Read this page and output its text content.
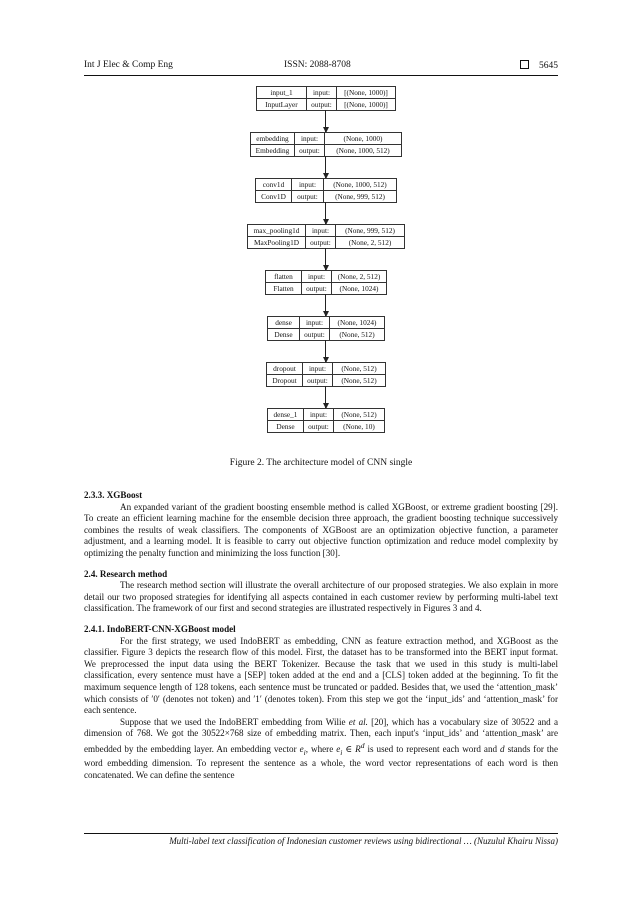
Int J Elec & Comp Eng	ISSN: 2088-8708	5645
input_1	input:	[(None, 1000)]
InputLayer	output:	[(None, 1000)]
embedding	input:	(None, 1000)
Embedding	output:	(None, 1000, 512)
conv1d	input:	(None, 1000, 512)
Conv1D	output:	(None, 999, 512)
max_pooling1d	input:	(None, 999, 512)
MaxPooling1D	output:	(None, 2, 512)
flatten	input:	(None, 2, 512)
Flatten	output:	(None, 1024)
dense	input:	(None, 1024)
Dense	output:	(None, 512)
dropout	input:	(None, 512)
Dropout	output:	(None, 512)
dense_1	input:	(None, 512)
Dense	output:	(None, 10)
Figure 2. The architecture model of CNN single
2.3.3. XGBoost

An expanded variant of the gradient boosting ensemble method is called XGBoost, or extreme gradient boosting [29]. To create an efficient learning machine for the ensemble decision three approach, the gradient boosting technique successively combines the results of weak classifiers. The components of XGBoost are an optimization objective function, a parameter adjustment, and a learning model. It is feasible to carry out objective function optimization and reduce model complexity by optimizing the penalty function and minimizing the loss function [30].

2.4. Research method

The research method section will illustrate the overall architecture of our proposed strategies. We also explain in more detail our two proposed strategies for identifying all aspects contained in each customer review by performing multi-label text classification. The framework of our first and second strategies are illustrated respectively in Figures 3 and 4.

2.4.1. IndoBERT-CNN-XGBoost model

For the first strategy, we used IndoBERT as embedding, CNN as feature extraction method, and XGBoost as the classifier. Figure 3 depicts the research flow of this model. First, the dataset has to be transformed into the BERT input format. We preprocessed the input data using the BERT Tokenizer. Because the task that we used in this study is multi-label classification, every sentence must have a [SEP] token added at the end and a [CLS] token added at the beginning. To fit the maximum sequence length of 128 tokens, each sentence must be truncated or padded. Besides that, we used the ‘attention_mask’ which consists of ′0′ (denotes not token) and ′1′ (denotes token). From this step we got the ‘input_ids’ and ‘attention_mask’ for each sentence.

Suppose that we used the IndoBERT embedding from Wilie et al. [20], which has a vocabulary size of 30522 and a dimension of 768. We got the 30522×768 size of embedding matrix. Then, each input's ‘input_ids’ and ‘attention_mask’ are embedded by the embedding layer. An embedding vector $e_i$, where $e_i$ ∈ $R^d$ is used to represent each word and d stands for the word embedding dimension. To represent the sentence as a whole, the word vector representations of each word is then concatenated. We can define the sentence

Multi-label text classification of Indonesian customer reviews using bidirectional … (Nuzulul Khairu Nissa)
